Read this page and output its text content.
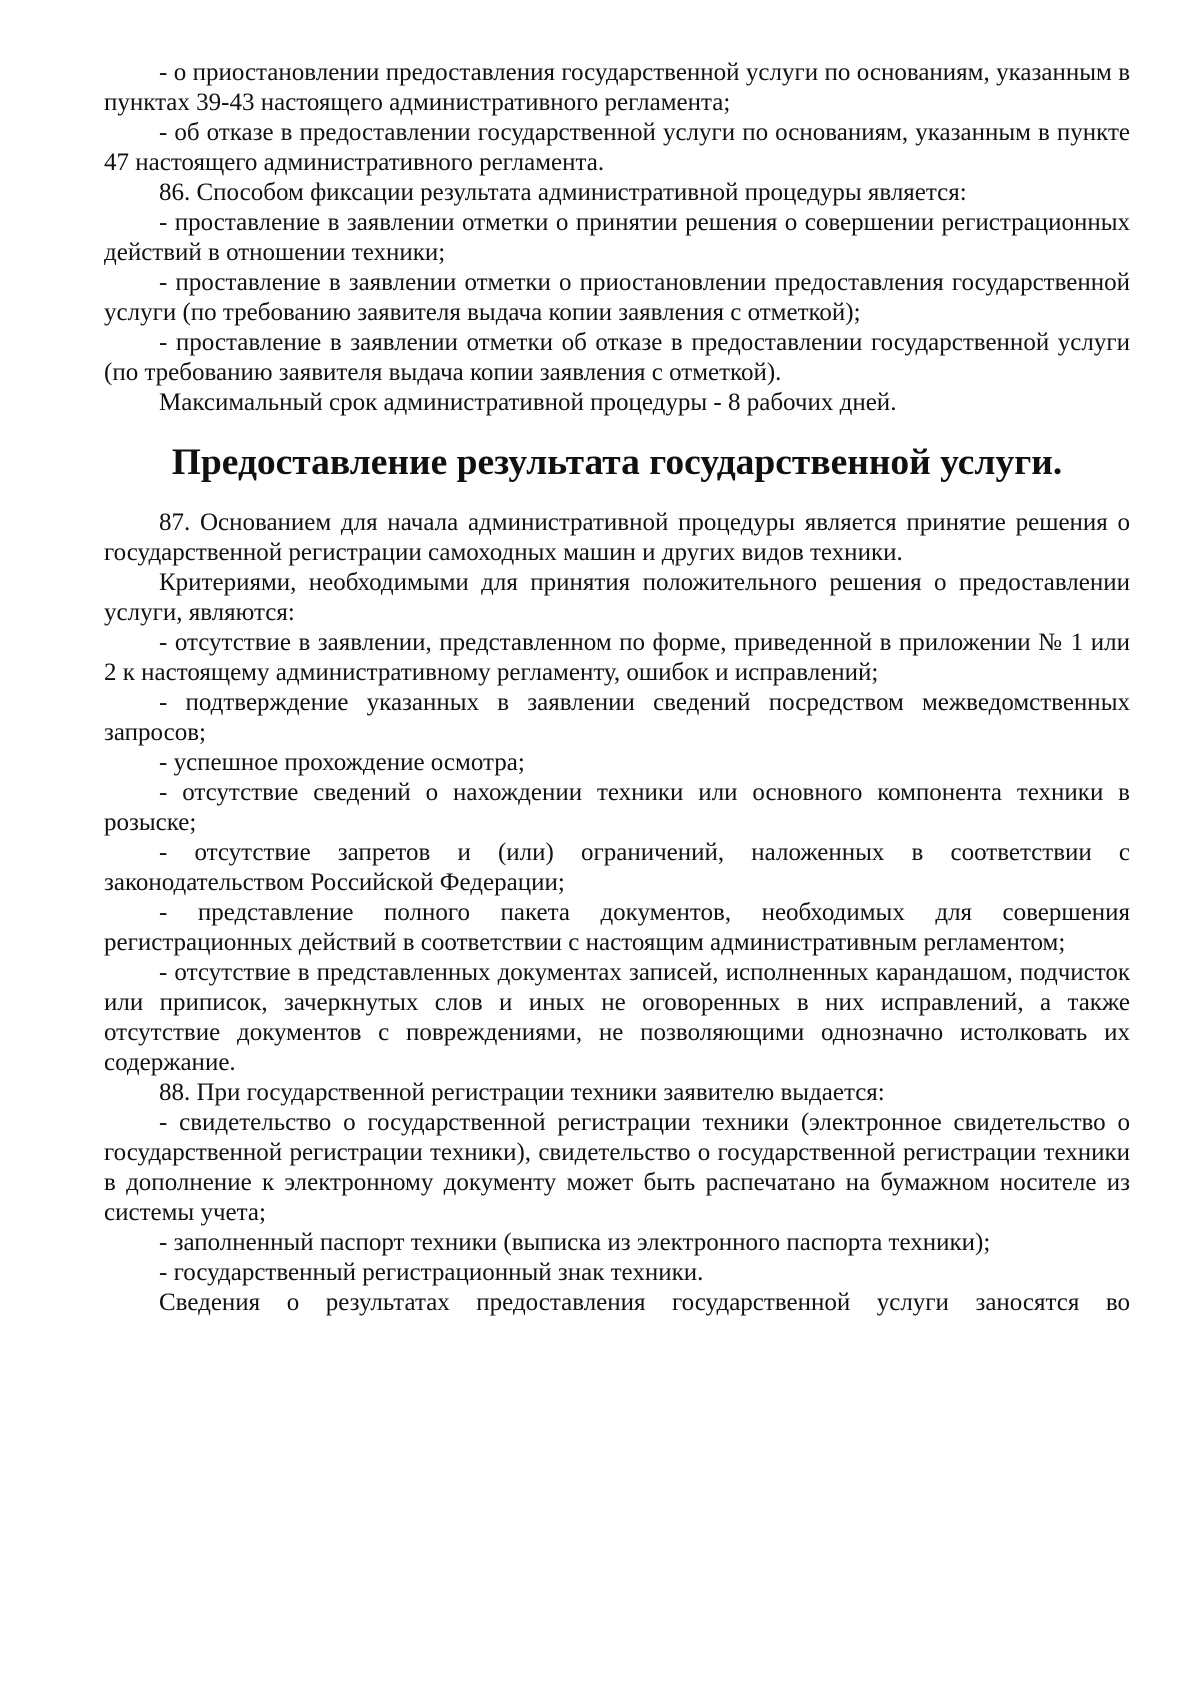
- о приостановлении предоставления государственной услуги по основаниям, указанным в пунктах 39-43 настоящего административного регламента;

- об отказе в предоставлении государственной услуги по основаниям, указанным в пункте 47 настоящего административного регламента.

86. Способом фиксации результата административной процедуры является:

- проставление в заявлении отметки о принятии решения о совершении регистрационных действий в отношении техники;

- проставление в заявлении отметки о приостановлении предоставления государственной услуги (по требованию заявителя выдача копии заявления с отметкой);

- проставление в заявлении отметки об отказе в предоставлении государственной услуги (по требованию заявителя выдача копии заявления с отметкой).

Максимальный срок административной процедуры - 8 рабочих дней.

Предоставление результата государственной услуги.

87. Основанием для начала административной процедуры является принятие решения о государственной регистрации самоходных машин и других видов техники.

Критериями, необходимыми для принятия положительного решения о предоставлении услуги, являются:

- отсутствие в заявлении, представленном по форме, приведенной в приложении № 1 или 2 к настоящему административному регламенту, ошибок и исправлений;

- подтверждение указанных в заявлении сведений посредством межведомственных запросов;

- успешное прохождение осмотра;

- отсутствие сведений о нахождении техники или основного компонента техники в розыске;

- отсутствие запретов и (или) ограничений, наложенных в соответствии с законодательством Российской Федерации;

- представление полного пакета документов, необходимых для совершения регистрационных действий в соответствии с настоящим административным регламентом;

- отсутствие в представленных документах записей, исполненных карандашом, подчисток или приписок, зачеркнутых слов и иных не оговоренных в них исправлений, а также отсутствие документов с повреждениями, не позволяющими однозначно истолковать их содержание.

88. При государственной регистрации техники заявителю выдается:

- свидетельство о государственной регистрации техники (электронное свидетельство о государственной регистрации техники), свидетельство о государственной регистрации техники в дополнение к электронному документу может быть распечатано на бумажном носителе из системы учета;

- заполненный паспорт техники (выписка из электронного паспорта техники);

- государственный регистрационный знак техники.

Сведения о результатах предоставления государственной услуги заносятся во
